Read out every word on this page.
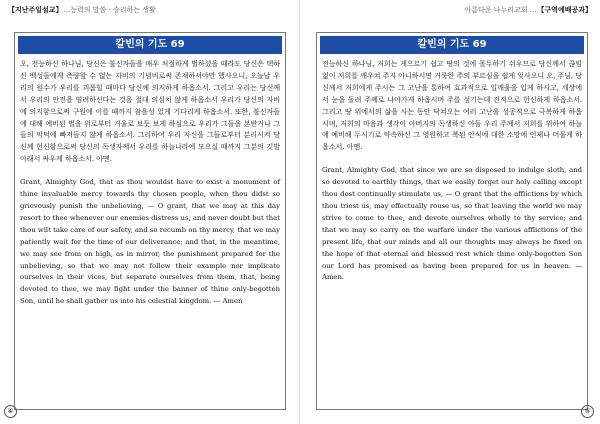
【지난주일설교】...능력의 말씀 · 승리하는 생활
칼빈의 기도 69

오, 전능하신 하나님, 당신은 불신자들을 매우 처절하게 벌하셨을 때라도 당신은 택하신 백성들에게 측량할 수 없는 자비의 기념비로써 존재하셔야만 했사오니, 오늘날 우리의 원수가 우리를 괴롭힐 때마다 당신께 의지하게 하옵소서. 그리고 우리는 당신께서 우리의 안전을 염려하신다는 것을 절대 의심치 않게 하옵소서 우리가 당신의 자비에 의지함으로써 구원에 이를 때까지 참을성 있게 기다리게 하옵소서. 또한, 불신자들에 대해 예비된 벌을 위로부터 거울로 보듯 보게 하심으로 우리가 그들을 본받거나 그들의 악덕에 빠져들지 않게 하옵소서. 그리하여 우리 자신을 그들로부터 분리시켜 당신께 헌신함으로써 당신의 독생자께서 우리를 하늘나라에 모으실 때까지 그분의 깃발 아래서 싸우게 하옵소서. 아멘.

Grant, Almighty God, that as thou wouldst have to exist a monument of thine invaluable mercy towards thy chosen people, when thou didst so grievously punish the unbelieving, — O grant, that we may at this day resort to thee whenever our enemies distress us, and never doubt but that thou wilt take care of our safety, and so recumb on thy mercy, that we may patiently wait for the time of our deliverance; and that, in the meantime, we may see from on high, as in mirror, the punishment prepared for the unbelieving, so that we may not follow their example nor implicate ourselves in their vices, but separate ourselves from them, that, being devoted to thee, we may fight under the banner of thine only-begotten Son, until he shall gather us into his celestial kingdom. — Amen

④
아름다운 나누리교회 ...【구역예배공과】
칼빈의 기도 69

전능하신 하나님, 저희는 게으르기 쉽고 땅의 것에 몰두하기 쉬우므로 당신께서 끊임없이 저희를 깨우쳐 주지 아니하시면 거룩한 주의 부르심을 쉽게 잊사오니 오, 주님, 당신께서 저희에게 주시는 그 고난을 통하여 효과적으로 일깨움을 입게 하시고, 세상에서 눈을 돌려 주께로 나아가게 하옵시며 주를 섬기는데 전적으로 헌신하게 하옵소서. 그리고 땅 위에서의 삶을 사는 동안 닥쳐오는 여러 고난을 성공적으로 극복하게 하옵시며, 저희의 마음과 생각이 아버지의 독생하신 아들 우리 주께서 저희를 위하여 하늘에 예비해 두시기로 약속하신 그 영원하고 복된 안식에 대한 소망에 언제나 머물게 하옵소서. 아멘.

Grant, Almighty God, that since we are so disposed to indulge sloth, and so devoted to earthly things, that we easily forget our holy calling except thou dost continually stimulate us, — O grant that the afflictions by which thou triest us, may effectually rouse us, so that leaving the world we may strive to come to thee, and devote ourselves wholly to thy service; and that we may so carry on the warfare under the various afflictions of the present life, that our minds and all our thoughts may always be fixed on the hope of that eternal and blessed rest which thine only-begotten Son our Lord has promised as having been prepared for us in heaven. — Amen.

⑤
